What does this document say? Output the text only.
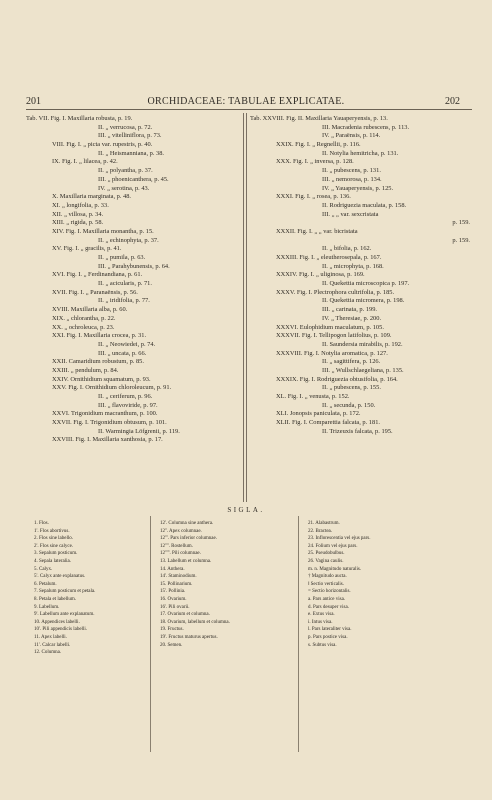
201	ORCHIDACEAE: TABULAE EXPLICATAE.	202
Tab. VII. Fig. I. Maxillaria robusta, p. 19.
II. „ verrucosa, p. 72.
III. „ vitelliniflora, p. 73.
VIII. Fig. I. „ picta var. rupestris, p. 40.
II. „ Heismanniana, p. 38.
IX. Fig. I. „ lilacea, p. 42.
II. „ polyantha, p. 37.
III. „ phoenicanthera, p. 45.
IV. „ serotina, p. 43.
X. Maxillaria marginata, p. 48.
XI. „ longifolia, p. 33.
XII. „ villosa, p. 34.
XIII. „ rigida, p. 58.
XIV. Fig. I. Maxillaria monantha, p. 15.
II. „ echinophyta, p. 37.
XV. Fig. I. „ gracilis, p. 41.
II. „ pumila, p. 63.
III. „ Parahybunensis, p. 64.
XVI. Fig. I. „ Ferdinandiana, p. 61.
II. „ acicularis, p. 71.
XVII. Fig. I. „ Paranaënsis, p. 56.
II. „ iridifolia, p. 77.
XVIII. Maxillaria alba, p. 60.
XIX. „ chlorantha, p. 22.
XX. „ ochroleuca, p. 23.
XXI. Fig. I. Maxillaria crocea, p. 31.
II. „ Neowiedei, p. 74.
III. „ uncata, p. 66.
XXII. Camaridium robustum, p. 85.
XXIII. „ pendulum, p. 84.
XXIV. Ornithidium squamatum, p. 93.
XXV. Fig. I. Ornithidium chloroleucum, p. 91.
II. „ ceriferum, p. 96.
III. „ flavoviride, p. 97.
XXVI. Trigonidium macranthum, p. 100.
XXVII. Fig. I. Trigonidium obtusum, p. 101.
II. Warmingia Löfgrenii, p. 119.
XXVIII. Fig. I. Maxillaria xanthosia, p. 17.
Tab. XXVIII. Fig. II. Maxillaria Yauaperyensis, p. 13.
III. Macradenia rubescens, p. 113.
IV. „ Paraënsis, p. 114.
XXIX. Fig. I. „ Regnellii, p. 116.
II. Notylia hemitricha, p. 131.
XXX. Fig. I. „ inversa, p. 128.
II. „ pubescens, p. 131.
III. „ nemorosa, p. 134.
IV. „ Yauaperyensis, p. 125.
XXXI. Fig. I. „ rosea, p. 136.
II. Rodriguezia maculata, p. 158.
III. „ „ var. sexcristata
p. 159.
XXXII. Fig. I. „ „ var. bicristata
p. 159.
II. „ bifolia, p. 162.
XXXIII. Fig. I. „ eleutherosepala, p. 167.
II. „ microphyta, p. 168.
XXXIV. Fig. I. „ uliginosa, p. 169.
II. Quekettia microscopica p. 197.
XXXV. Fig. I. Plectrophora cultrifolia, p. 185.
II. Quekettia micromera, p. 198.
III. „ carinata, p. 199.
IV. „ Theresiae, p. 200.
XXXVI. Eulophidium maculatum, p. 105.
XXXVII. Fig. I. Tellipogon latifolius, p. 109.
II. Saundersia mirabilis, p. 192.
XXXVIII. Fig. I. Notylia aromatica, p. 127.
II. „ sagittifera, p. 126.
III. „ Wullschlaegeliana, p. 135.
XXXIX. Fig. I. Rodriguezia obtusifolia, p. 164.
II. „ pubescens, p. 155.
XL. Fig. I. „ venusta, p. 152.
II. „ secunda, p. 150.
XLI. Jonopsis paniculata, p. 172.
XLII. Fig. I. Comparettia falcata, p. 181.
II. Trizeuxis falcata, p. 195.
SIGLA.
1. Flos.
1'. Flos abortivus.
2. Flos sine labello.
2'. Flos sine calyce.
3. Sepalum posticum.
4. Sepala lateralia.
5. Calyx.
5'. Calyx ante explanatus.
6. Petalum.
7. Sepalum posticum et petala.
8. Petala et labellum.
9. Labellum.
9'. Labellum ante explanatum.
10. Appendices labelli.
10'. Pili appendicis labelli.
11. Apex labelli.
11'. Calcar labelli.
12. Columna.
12'. Columna sine anthera.
12''. Apex columnae.
12'''. Pars inferior columnae.
12''''. Rostellum.
12'''''. Pili columnae.
13. Labellum et columna.
14. Anthera.
14'. Staminodium.
15. Pollinarium.
15'. Pollinia.
16. Ovarium.
16'. Pili ovarii.
17. Ovarium et columna.
18. Ovarium, labellum et columna.
19. Fructus.
19'. Fructus maturus apertus.
20. Semen.
21. Alabastrum.
22. Bractea.
23. Inflorescentia vel ejus pars.
24. Folium vel ejus pars.
25. Pseudobulbus.
26. Vagina caulis.
m. n. Magnitudo naturalis.
† Magnitudo aucta.
‖ Sectio verticalis.
= Sectio horizontalis.
a. Pars antice visa.
d. Pars desuper visa.
e. Extus visa.
i. Intus visa.
l. Pars lateraliter visa.
p. Pars postice visa.
s. Subtus visa.
